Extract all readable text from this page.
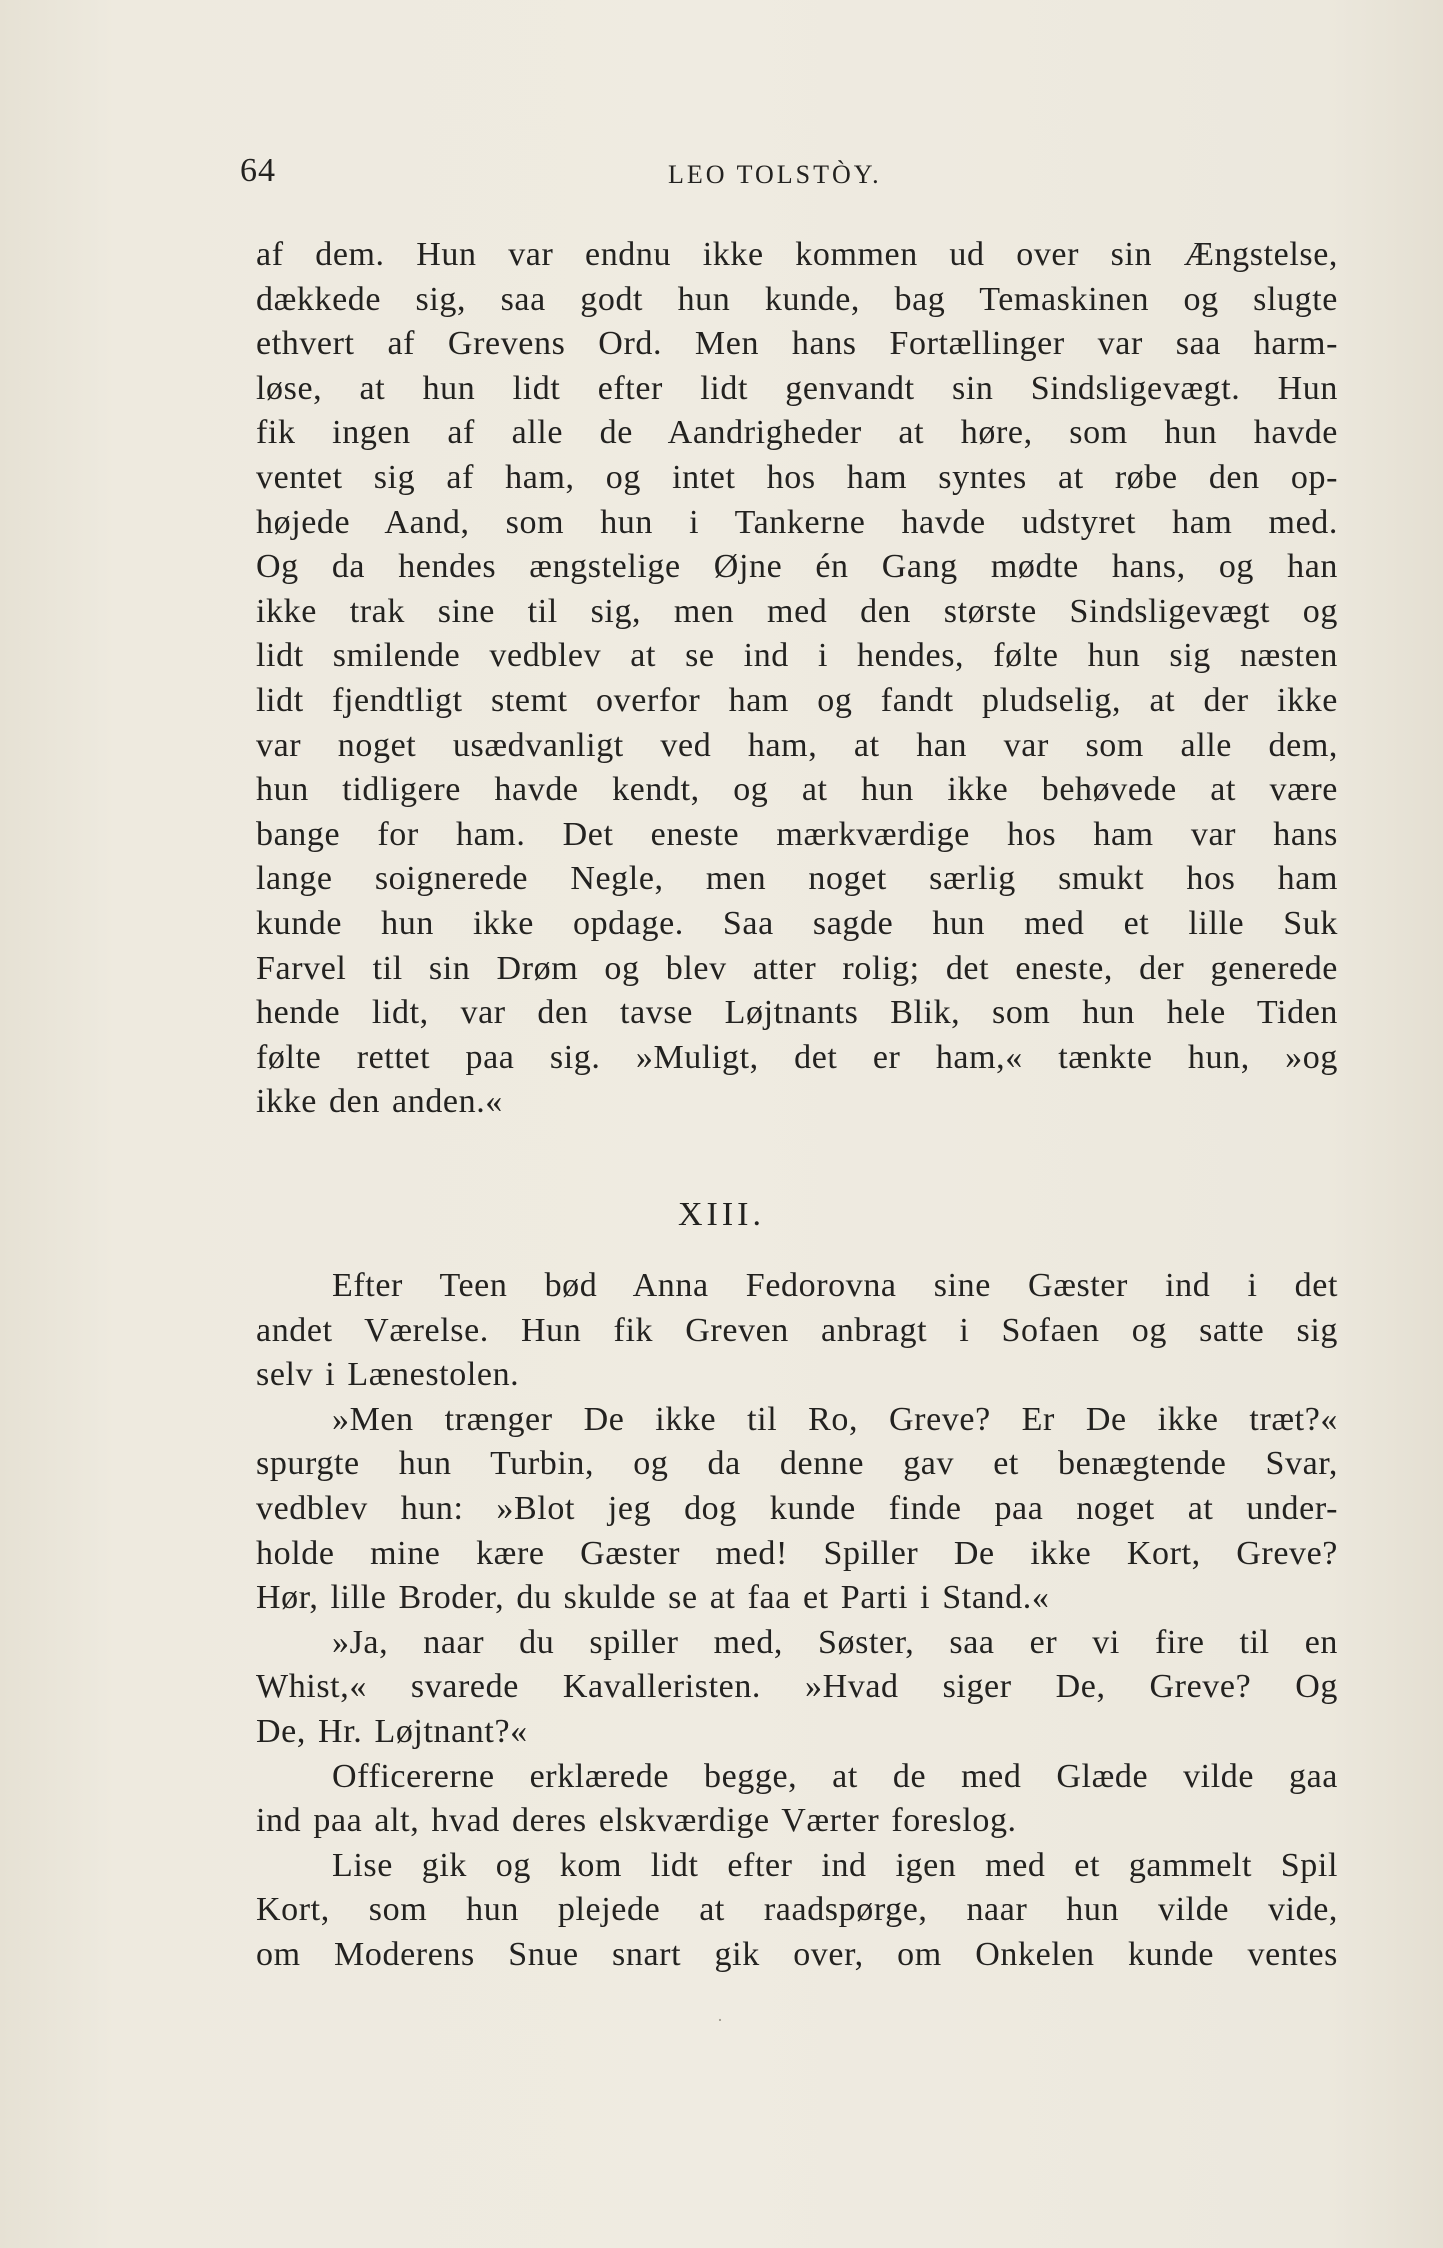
64	LEO TOLSTÒY.
af dem. Hun var endnu ikke kommen ud over sin Ængstelse,
dækkede sig, saa godt hun kunde, bag Temaskinen og slugte
ethvert af Grevens Ord. Men hans Fortællinger var saa harm-
løse, at hun lidt efter lidt genvandt sin Sindsligevægt. Hun
fik ingen af alle de Aandrigheder at høre, som hun havde
ventet sig af ham, og intet hos ham syntes at røbe den op-
højede Aand, som hun i Tankerne havde udstyret ham med.
Og da hendes ængstelige Øjne én Gang mødte hans, og han
ikke trak sine til sig, men med den største Sindsligevægt og
lidt smilende vedblev at se ind i hendes, følte hun sig næsten
lidt fjendtligt stemt overfor ham og fandt pludselig, at der ikke
var noget usædvanligt ved ham, at han var som alle dem,
hun tidligere havde kendt, og at hun ikke behøvede at være
bange for ham. Det eneste mærkværdige hos ham var hans
lange soignerede Negle, men noget særlig smukt hos ham
kunde hun ikke opdage. Saa sagde hun med et lille Suk
Farvel til sin Drøm og blev atter rolig; det eneste, der generede
hende lidt, var den tavse Løjtnants Blik, som hun hele Tiden
følte rettet paa sig. »Muligt, det er ham,« tænkte hun, »og
ikke den anden.«
XIII.
Efter Teen bød Anna Fedorovna sine Gæster ind i det
andet Værelse. Hun fik Greven anbragt i Sofaen og satte sig
selv i Lænestolen.
»Men trænger De ikke til Ro, Greve? Er De ikke træt?«
spurgte hun Turbin, og da denne gav et benægtende Svar,
vedblev hun: »Blot jeg dog kunde finde paa noget at under-
holde mine kære Gæster med! Spiller De ikke Kort, Greve?
Hør, lille Broder, du skulde se at faa et Parti i Stand.«
»Ja, naar du spiller med, Søster, saa er vi fire til en
Whist,« svarede Kavalleristen. »Hvad siger De, Greve? Og
De, Hr. Løjtnant?«
Officererne erklærede begge, at de med Glæde vilde gaa
ind paa alt, hvad deres elskværdige Værter foreslog.
Lise gik og kom lidt efter ind igen med et gammelt Spil
Kort, som hun plejede at raadspørge, naar hun vilde vide,
om Moderens Snue snart gik over, om Onkelen kunde ventes
·
